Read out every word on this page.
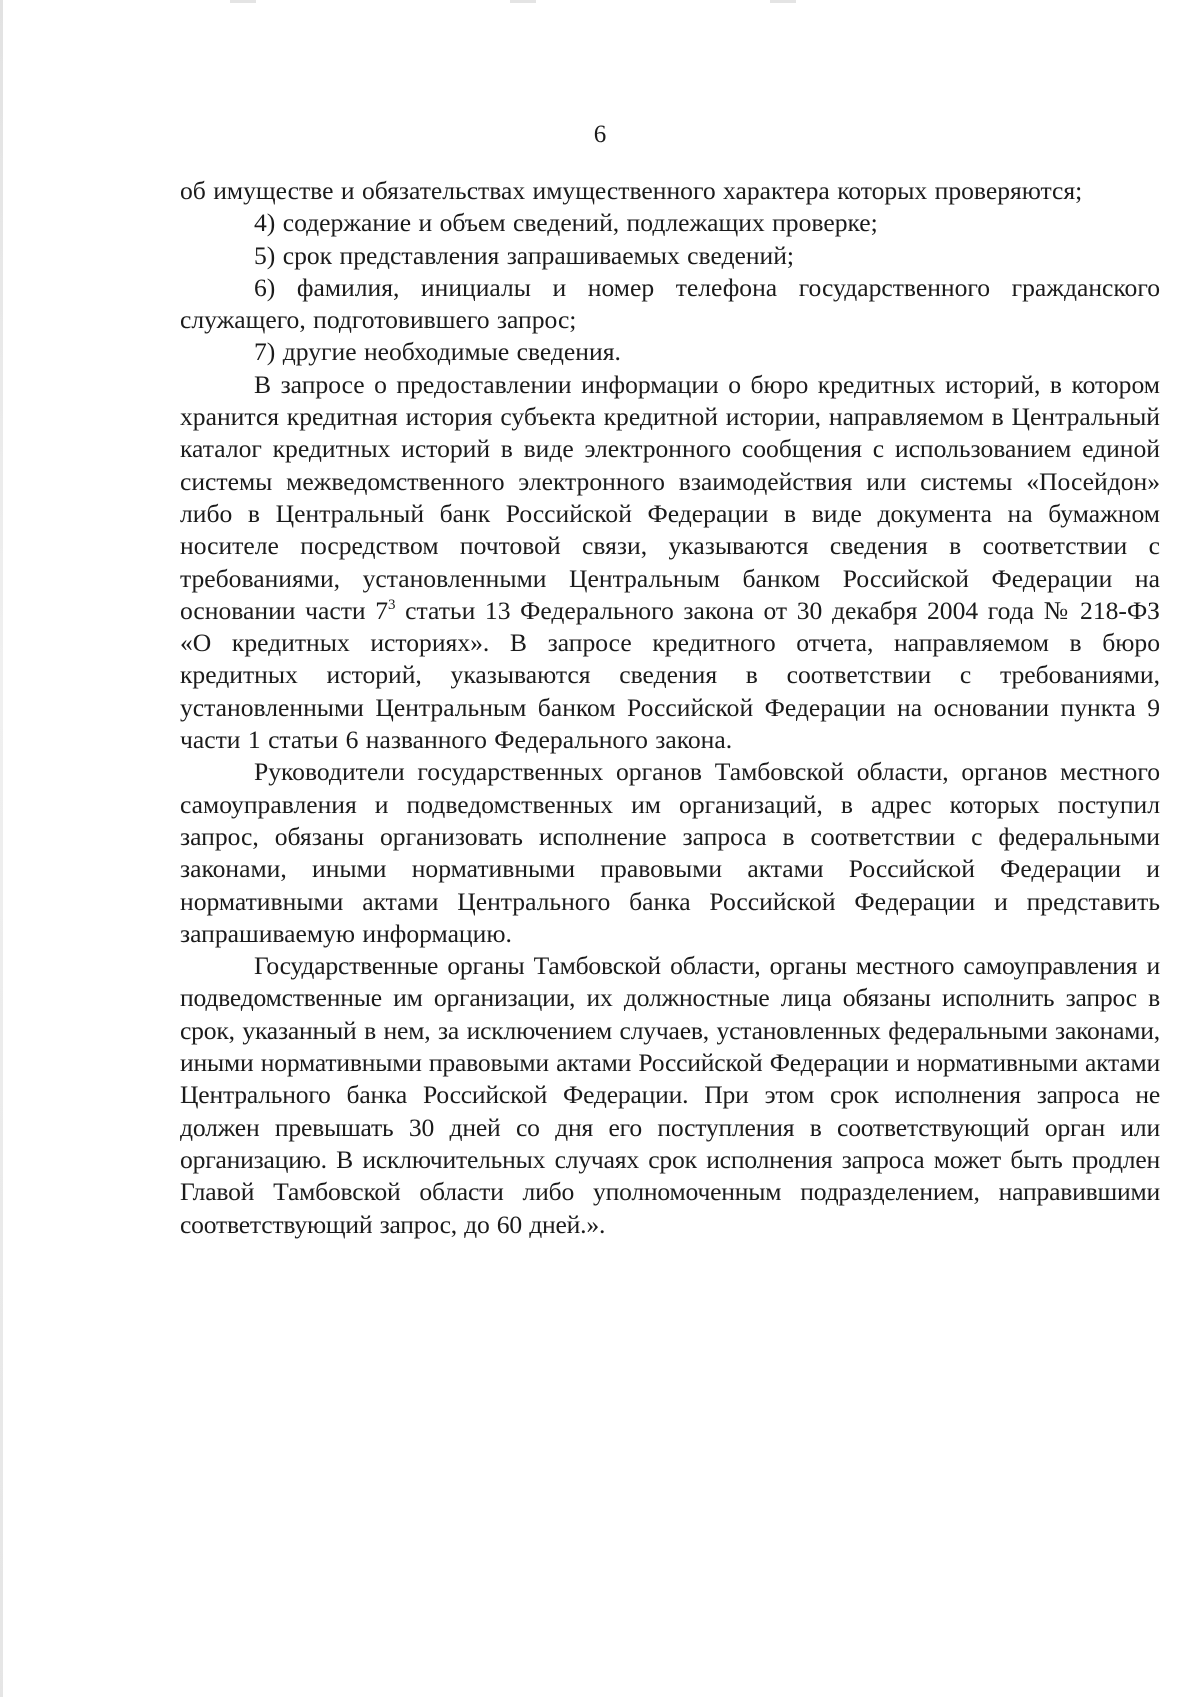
6

об имуществе и обязательствах имущественного характера которых проверяются;

4) содержание и объем сведений, подлежащих проверке;

5) срок представления запрашиваемых сведений;

6) фамилия, инициалы и номер телефона государственного гражданского служащего, подготовившего запрос;

7) другие необходимые сведения.

В запросе о предоставлении информации о бюро кредитных историй, в котором хранится кредитная история субъекта кредитной истории, направляемом в Центральный каталог кредитных историй в виде электронного сообщения с использованием единой системы межведомственного электронного взаимодействия или системы «Посейдон» либо в Центральный банк Российской Федерации в виде документа на бумажном носителе посредством почтовой связи, указываются сведения в соответствии с требованиями, установленными Центральным банком Российской Федерации на основании части $7^3$ статьи 13 Федерального закона от 30 декабря 2004 года № 218-ФЗ «О кредитных историях». В запросе кредитного отчета, направляемом в бюро кредитных историй, указываются сведения в соответствии с требованиями, установленными Центральным банком Российской Федерации на основании пункта 9 части 1 статьи 6 названного Федерального закона.

Руководители государственных органов Тамбовской области, органов местного самоуправления и подведомственных им организаций, в адрес которых поступил запрос, обязаны организовать исполнение запроса в соответствии с федеральными законами, иными нормативными правовыми актами Российской Федерации и нормативными актами Центрального банка Российской Федерации и представить запрашиваемую информацию.

Государственные органы Тамбовской области, органы местного самоуправления и подведомственные им организации, их должностные лица обязаны исполнить запрос в срок, указанный в нем, за исключением случаев, установленных федеральными законами, иными нормативными правовыми актами Российской Федерации и нормативными актами Центрального банка Российской Федерации. При этом срок исполнения запроса не должен превышать 30 дней со дня его поступления в соответствующий орган или организацию. В исключительных случаях срок исполнения запроса может быть продлен Главой Тамбовской области либо уполномоченным подразделением, направившими соответствующий запрос, до 60 дней.».
